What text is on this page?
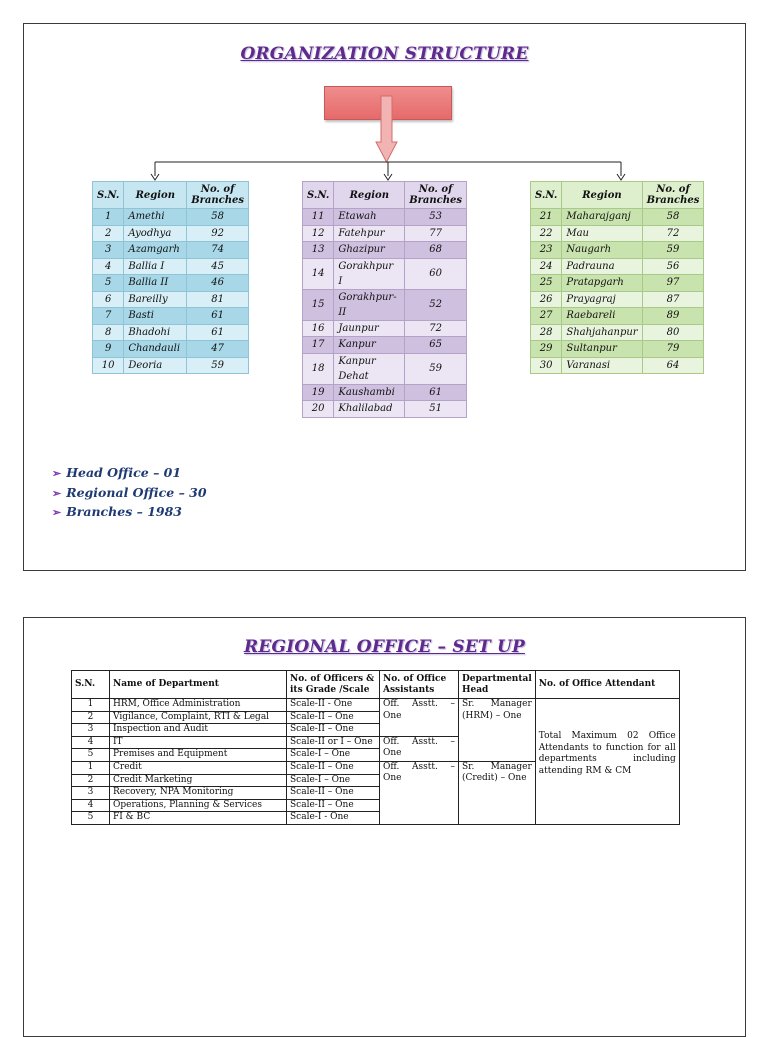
ORGANIZATION STRUCTURE
S.N.	Region	No. of Branches
1	Amethi	58
2	Ayodhya	92
3	Azamgarh	74
4	Ballia I	45
5	Ballia II	46
6	Bareilly	81
7	Basti	61
8	Bhadohi	61
9	Chandauli	47
10	Deoria	59
S.N.	Region	No. of Branches
11	Etawah	53
12	Fatehpur	77
13	Ghazipur	68
14	Gorakhpur I	60
15	Gorakhpur-II	52
16	Jaunpur	72
17	Kanpur	65
18	Kanpur Dehat	59
19	Kaushambi	61
20	Khalilabad	51
S.N.	Region	No. of Branches
21	Maharajganj	58
22	Mau	72
23	Naugarh	59
24	Padrauna	56
25	Pratapgarh	97
26	Prayagraj	87
27	Raebareli	89
28	Shahjahanpur	80
29	Sultanpur	79
30	Varanasi	64
➢ Head Office – 01
➢ Regional Office – 30
➢ Branches – 1983
REGIONAL OFFICE – SET UP
S.N.	Name of Department	No. of Officers & its Grade /Scale	No. of Office Assistants	Departmental Head	No. of Office Attendant
1	HRM, Office Administration	Scale-II - One	Off. Asstt. – One	Sr. Manager (HRM) – One	Total Maximum 02 Office Attendants to function for all departments including attending RM & CM

2	Vigilance, Complaint, RTI & Legal	Scale-II – One			
3	Inspection and Audit	Scale-II – One			
4	IT	Scale-II or I – One	Off. Asstt. – One		
5	Premises and Equipment	Scale-I – One			
1	Credit	Scale-II – One	Off. Asstt. – One	Sr. Manager (Credit) – One	
2	Credit Marketing	Scale-I – One			
3	Recovery, NPA Monitoring	Scale-II – One			
4	Operations, Planning & Services	Scale-II – One			
5	FI & BC	Scale-I - One			
